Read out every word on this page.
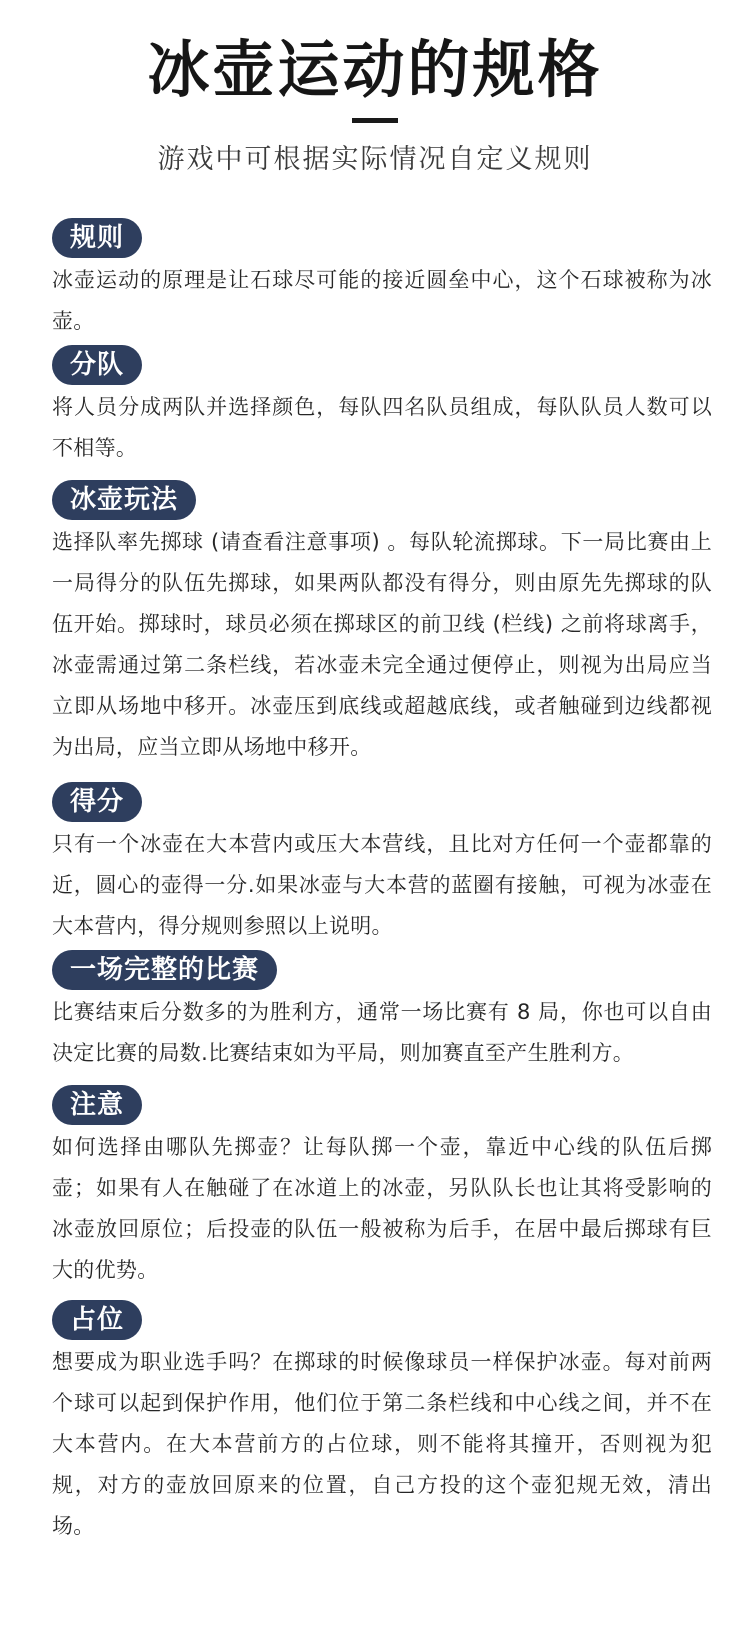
冰壶运动的规格
游戏中可根据实际情况自定义规则
规则
冰壶运动的原理是让石球尽可能的接近圆垒中心，这个石球被称为冰壶。
分队
将人员分成两队并选择颜色，每队四名队员组成，每队队员人数可以不相等。
冰壶玩法
选择队率先掷球 (请查看注意事项) 。每队轮流掷球。下一局比赛由上一局得分的队伍先掷球，如果两队都没有得分，则由原先先掷球的队伍开始。掷球时，球员必须在掷球区的前卫线 (栏线) 之前将球离手，冰壶需通过第二条栏线，若冰壶未完全通过便停止，则视为出局应当立即从场地中移开。冰壶压到底线或超越底线，或者触碰到边线都视为出局，应当立即从场地中移开。
得分
只有一个冰壶在大本营内或压大本营线，且比对方任何一个壶都靠的近，圆心的壶得一分.如果冰壶与大本营的蓝圈有接触，可视为冰壶在大本营内，得分规则参照以上说明。
一场完整的比赛
比赛结束后分数多的为胜利方，通常一场比赛有 8 局，你也可以自由决定比赛的局数.比赛结束如为平局，则加赛直至产生胜利方。
注意
如何选择由哪队先掷壶？让每队掷一个壶，靠近中心线的队伍后掷壶；如果有人在触碰了在冰道上的冰壶，另队队长也让其将受影响的冰壶放回原位；后投壶的队伍一般被称为后手，在居中最后掷球有巨大的优势。
占位
想要成为职业选手吗？在掷球的时候像球员一样保护冰壶。每对前两个球可以起到保护作用，他们位于第二条栏线和中心线之间，并不在大本营内。在大本营前方的占位球，则不能将其撞开，否则视为犯规，对方的壶放回原来的位置，自己方投的这个壶犯规无效，清出场。
